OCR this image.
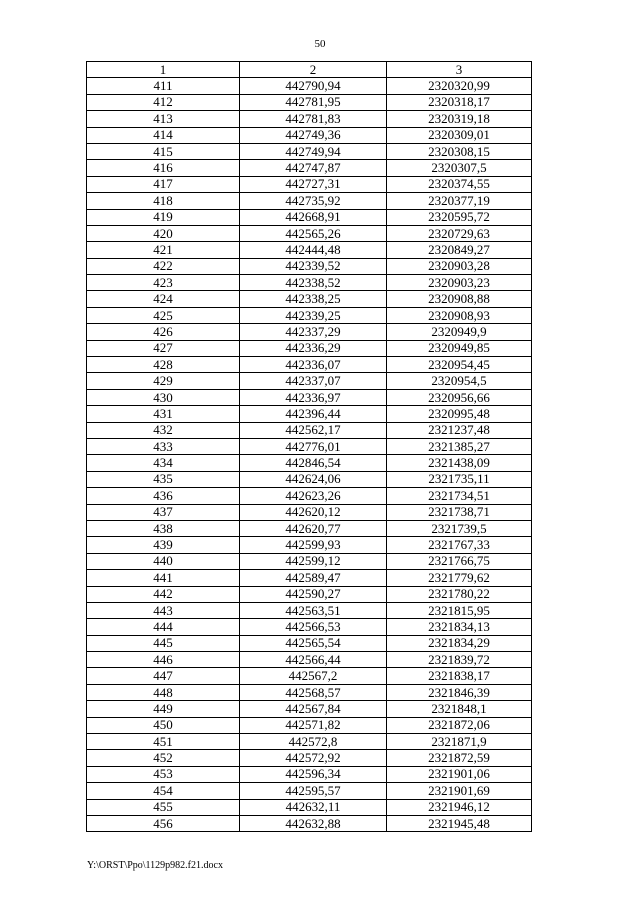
50
1	2	3
411	442790,94	2320320,99
412	442781,95	2320318,17
413	442781,83	2320319,18
414	442749,36	2320309,01
415	442749,94	2320308,15
416	442747,87	2320307,5
417	442727,31	2320374,55
418	442735,92	2320377,19
419	442668,91	2320595,72
420	442565,26	2320729,63
421	442444,48	2320849,27
422	442339,52	2320903,28
423	442338,52	2320903,23
424	442338,25	2320908,88
425	442339,25	2320908,93
426	442337,29	2320949,9
427	442336,29	2320949,85
428	442336,07	2320954,45
429	442337,07	2320954,5
430	442336,97	2320956,66
431	442396,44	2320995,48
432	442562,17	2321237,48
433	442776,01	2321385,27
434	442846,54	2321438,09
435	442624,06	2321735,11
436	442623,26	2321734,51
437	442620,12	2321738,71
438	442620,77	2321739,5
439	442599,93	2321767,33
440	442599,12	2321766,75
441	442589,47	2321779,62
442	442590,27	2321780,22
443	442563,51	2321815,95
444	442566,53	2321834,13
445	442565,54	2321834,29
446	442566,44	2321839,72
447	442567,2	2321838,17
448	442568,57	2321846,39
449	442567,84	2321848,1
450	442571,82	2321872,06
451	442572,8	2321871,9
452	442572,92	2321872,59
453	442596,34	2321901,06
454	442595,57	2321901,69
455	442632,11	2321946,12
456	442632,88	2321945,48
Y:\ORST\Ppo\1129p982.f21.docx
